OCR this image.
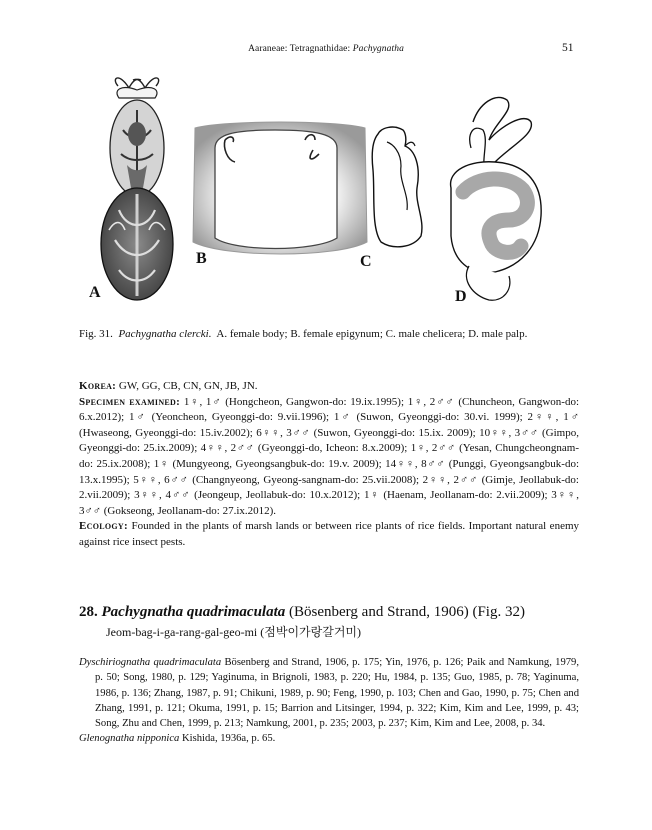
Aaraneae: Tetragnathidae: Pachygnatha	51
A
B	C
D
Fig. 31. Pachygnatha clercki. A. female body; B. female epigynum; C. male chelicera; D. male palp.

Korea: GW, GG, CB, CN, GN, JB, JN.

Specimen examined: 1♀, 1♂ (Hongcheon, Gangwon-do: 19.ix.1995); 1♀, 2♂♂ (Chuncheon, Gangwon-do: 6.x.2012); 1♂ (Yeoncheon, Gyeonggi-do: 9.vii.1996); 1♂ (Suwon, Gyeonggi-do: 30.vi. 1999); 2♀♀, 1♂ (Hwaseong, Gyeonggi-do: 15.iv.2002); 6♀♀, 3♂♂ (Suwon, Gyeonggi-do: 15.ix. 2009); 10♀♀, 3♂♂ (Gimpo, Gyeonggi-do: 25.ix.2009); 4♀♀, 2♂♂ (Gyeonggi-do, Icheon: 8.x.2009); 1♀, 2♂♂ (Yesan, Chungcheongnam-do: 25.ix.2008); 1♀ (Mungyeong, Gyeongsangbuk-do: 19.v. 2009); 14♀♀, 8♂♂ (Punggi, Gyeongsangbuk-do: 13.x.1995); 5♀♀, 6♂♂ (Changnyeong, Gyeong-sangnam-do: 25.vii.2008); 2♀♀, 2♂♂ (Gimje, Jeollabuk-do: 2.vii.2009); 3♀♀, 4♂♂ (Jeongeup, Jeollabuk-do: 10.x.2012); 1♀ (Haenam, Jeollanam-do: 2.vii.2009); 3♀♀, 3♂♂ (Gokseong, Jeollanam-do: 27.ix.2012).

Ecology: Founded in the plants of marsh lands or between rice plants of rice fields. Important natural enemy against rice insect pests.

28. Pachygnatha quadrimaculata (Bösenberg and Strand, 1906) (Fig. 32)
Jeom-bag-i-ga-rang-gal-geo-mi (점박이가랑갈거미)

Dyschiriognatha quadrimaculata Bösenberg and Strand, 1906, p. 175; Yin, 1976, p. 126; Paik and Namkung, 1979, p. 50; Song, 1980, p. 129; Yaginuma, in Brignoli, 1983, p. 220; Hu, 1984, p. 135; Guo, 1985, p. 78; Yaginuma, 1986, p. 136; Zhang, 1987, p. 91; Chikuni, 1989, p. 90; Feng, 1990, p. 103; Chen and Gao, 1990, p. 75; Chen and Zhang, 1991, p. 121; Okuma, 1991, p. 15; Barrion and Litsinger, 1994, p. 322; Kim, Kim and Lee, 1999, p. 43; Song, Zhu and Chen, 1999, p. 213; Namkung, 2001, p. 235; 2003, p. 237; Kim, Kim and Lee, 2008, p. 34.

Glenognatha nipponica Kishida, 1936a, p. 65.
